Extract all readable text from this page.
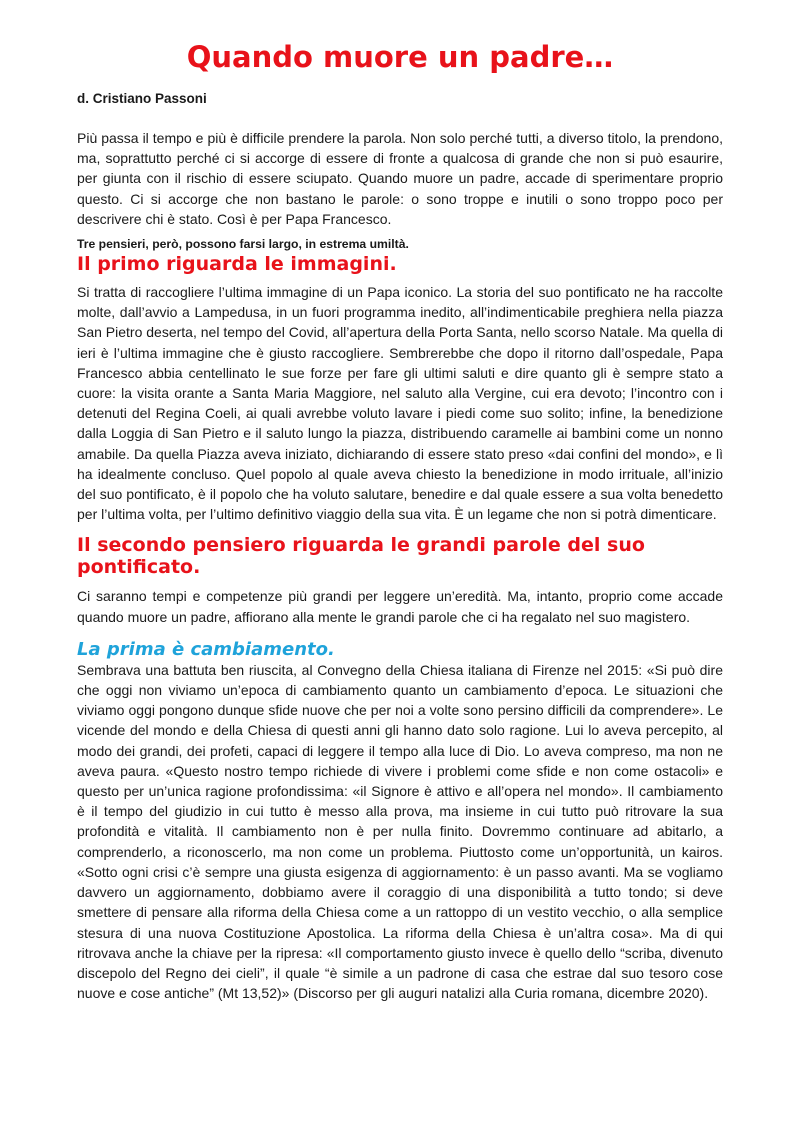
Quando muore un padre…
d. Cristiano Passoni

Più passa il tempo e più è difficile prendere la parola. Non solo perché tutti, a diverso titolo, la prendono, ma, soprattutto perché ci si accorge di essere di fronte a qualcosa di grande che non si può esaurire, per giunta con il rischio di essere sciupato. Quando muore un padre, accade di sperimentare proprio questo. Ci si accorge che non bastano le parole: o sono troppe e inutili o sono troppo poco per descrivere chi è stato. Così è per Papa Francesco.

Tre pensieri, però, possono farsi largo, in estrema umiltà.
Il primo riguarda le immagini.

Si tratta di raccogliere l’ultima immagine di un Papa iconico. La storia del suo pontificato ne ha raccolte molte, dall’avvio a Lampedusa, in un fuori programma inedito, all’indimenticabile preghiera nella piazza San Pietro deserta, nel tempo del Covid, all’apertura della Porta Santa, nello scorso Natale. Ma quella di ieri è l’ultima immagine che è giusto raccogliere. Sembrerebbe che dopo il ritorno dall’ospedale, Papa Francesco abbia centellinato le sue forze per fare gli ultimi saluti e dire quanto gli è sempre stato a cuore: la visita orante a Santa Maria Maggiore, nel saluto alla Vergine, cui era devoto; l’incontro con i detenuti del Regina Coeli, ai quali avrebbe voluto lavare i piedi come suo solito; infine, la benedizione dalla Loggia di San Pietro e il saluto lungo la piazza, distribuendo caramelle ai bambini come un nonno amabile. Da quella Piazza aveva iniziato, dichiarando di essere stato preso «dai confini del mondo», e lì ha idealmente concluso. Quel popolo al quale aveva chiesto la benedizione in modo irrituale, all’inizio del suo pontificato, è il popolo che ha voluto salutare, benedire e dal quale essere a sua volta benedetto per l’ultima volta, per l’ultimo definitivo viaggio della sua vita. È un legame che non si potrà dimenticare.

Il secondo pensiero riguarda le grandi parole del suo pontificato.

Ci saranno tempi e competenze più grandi per leggere un’eredità. Ma, intanto, proprio come accade quando muore un padre, affiorano alla mente le grandi parole che ci ha regalato nel suo magistero.

La prima è cambiamento.

Sembrava una battuta ben riuscita, al Convegno della Chiesa italiana di Firenze nel 2015: «Si può dire che oggi non viviamo un’epoca di cambiamento quanto un cambiamento d’epoca. Le situazioni che viviamo oggi pongono dunque sfide nuove che per noi a volte sono persino difficili da comprendere». Le vicende del mondo e della Chiesa di questi anni gli hanno dato solo ragione. Lui lo aveva percepito, al modo dei grandi, dei profeti, capaci di leggere il tempo alla luce di Dio. Lo aveva compreso, ma non ne aveva paura. «Questo nostro tempo richiede di vivere i problemi come sfide e non come ostacoli» e questo per un’unica ragione profondissima: «il Signore è attivo e all’opera nel mondo». Il cambiamento è il tempo del giudizio in cui tutto è messo alla prova, ma insieme in cui tutto può ritrovare la sua profondità e vitalità. Il cambiamento non è per nulla finito. Dovremmo continuare ad abitarlo, a comprenderlo, a riconoscerlo, ma non come un problema. Piuttosto come un’opportunità, un kairos. «Sotto ogni crisi c’è sempre una giusta esigenza di aggiornamento: è un passo avanti. Ma se vogliamo davvero un aggiornamento, dobbiamo avere il coraggio di una disponibilità a tutto tondo; si deve smettere di pensare alla riforma della Chiesa come a un rattoppo di un vestito vecchio, o alla semplice stesura di una nuova Costituzione Apostolica. La riforma della Chiesa è un’altra cosa». Ma di qui ritrovava anche la chiave per la ripresa: «Il comportamento giusto invece è quello dello “scriba, divenuto discepolo del Regno dei cieli”, il quale “è simile a un padrone di casa che estrae dal suo tesoro cose nuove e cose antiche” (Mt 13,52)» (Discorso per gli auguri natalizi alla Curia romana, dicembre 2020).
